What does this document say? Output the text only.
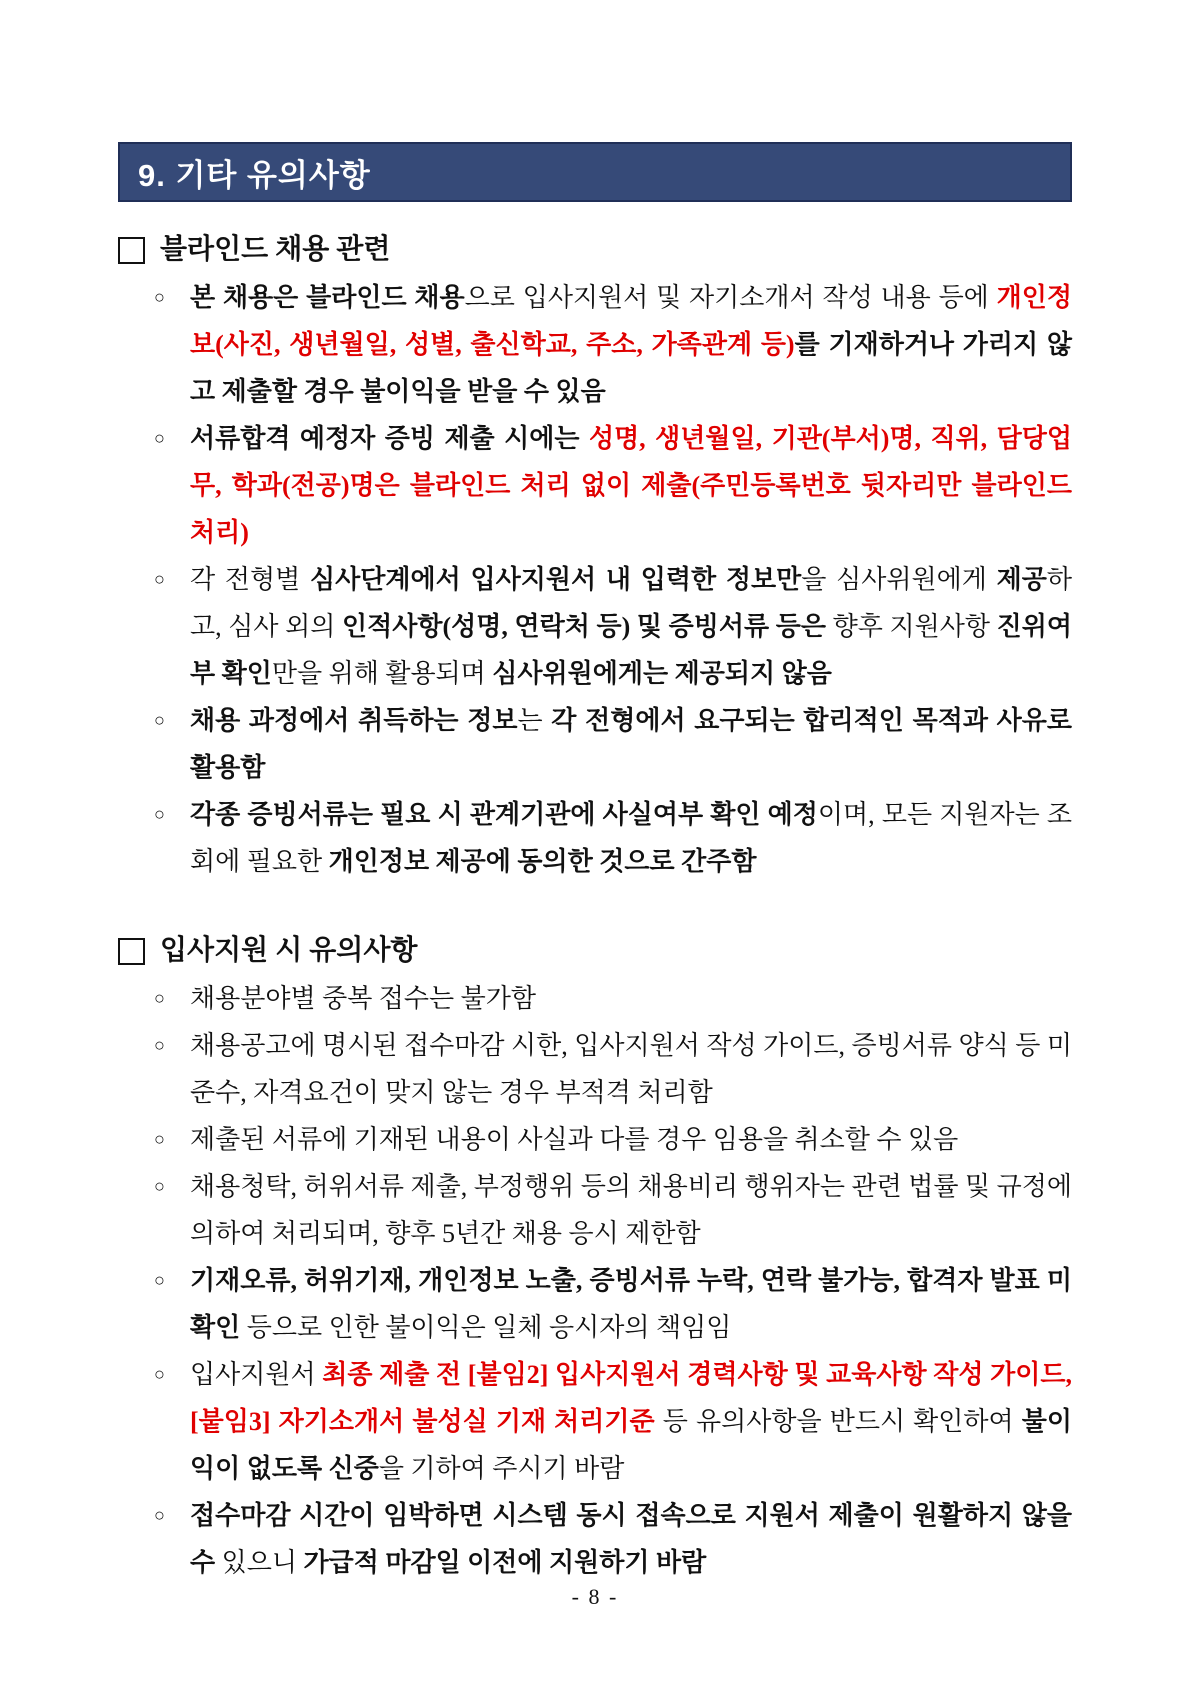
9. 기타 유의사항
블라인드 채용 관련
○ 본 채용은 블라인드 채용으로 입사지원서 및 자기소개서 작성 내용 등에 개인정보(사진, 생년월일, 성별, 출신학교, 주소, 가족관계 등)를 기재하거나 가리지 않고 제출할 경우 불이익을 받을 수 있음

○ 서류합격 예정자 증빙 제출 시에는 성명, 생년월일, 기관(부서)명, 직위, 담당업무, 학과(전공)명은 블라인드 처리 없이 제출(주민등록번호 뒷자리만 블라인드 처리)

○ 각 전형별 심사단계에서 입사지원서 내 입력한 정보만을 심사위원에게 제공하고, 심사 외의 인적사항(성명, 연락처 등) 및 증빙서류 등은 향후 지원사항 진위여부 확인만을 위해 활용되며 심사위원에게는 제공되지 않음

○ 채용 과정에서 취득하는 정보는 각 전형에서 요구되는 합리적인 목적과 사유로 활용함

○ 각종 증빙서류는 필요 시 관계기관에 사실여부 확인 예정이며, 모든 지원자는 조회에 필요한 개인정보 제공에 동의한 것으로 간주함

입사지원 시 유의사항
○ 채용분야별 중복 접수는 불가함

○ 채용공고에 명시된 접수마감 시한, 입사지원서 작성 가이드, 증빙서류 양식 등 미준수, 자격요건이 맞지 않는 경우 부적격 처리함

○ 제출된 서류에 기재된 내용이 사실과 다를 경우 임용을 취소할 수 있음

○ 채용청탁, 허위서류 제출, 부정행위 등의 채용비리 행위자는 관련 법률 및 규정에 의하여 처리되며, 향후 5년간 채용 응시 제한함

○ 기재오류, 허위기재, 개인정보 노출, 증빙서류 누락, 연락 불가능, 합격자 발표 미확인 등으로 인한 불이익은 일체 응시자의 책임임

○ 입사지원서 최종 제출 전 [붙임2] 입사지원서 경력사항 및 교육사항 작성 가이드, [붙임3] 자기소개서 불성실 기재 처리기준 등 유의사항을 반드시 확인하여 불이익이 없도록 신중을 기하여 주시기 바람

○ 접수마감 시간이 임박하면 시스템 동시 접속으로 지원서 제출이 원활하지 않을 수 있으니 가급적 마감일 이전에 지원하기 바람

- 8 -
